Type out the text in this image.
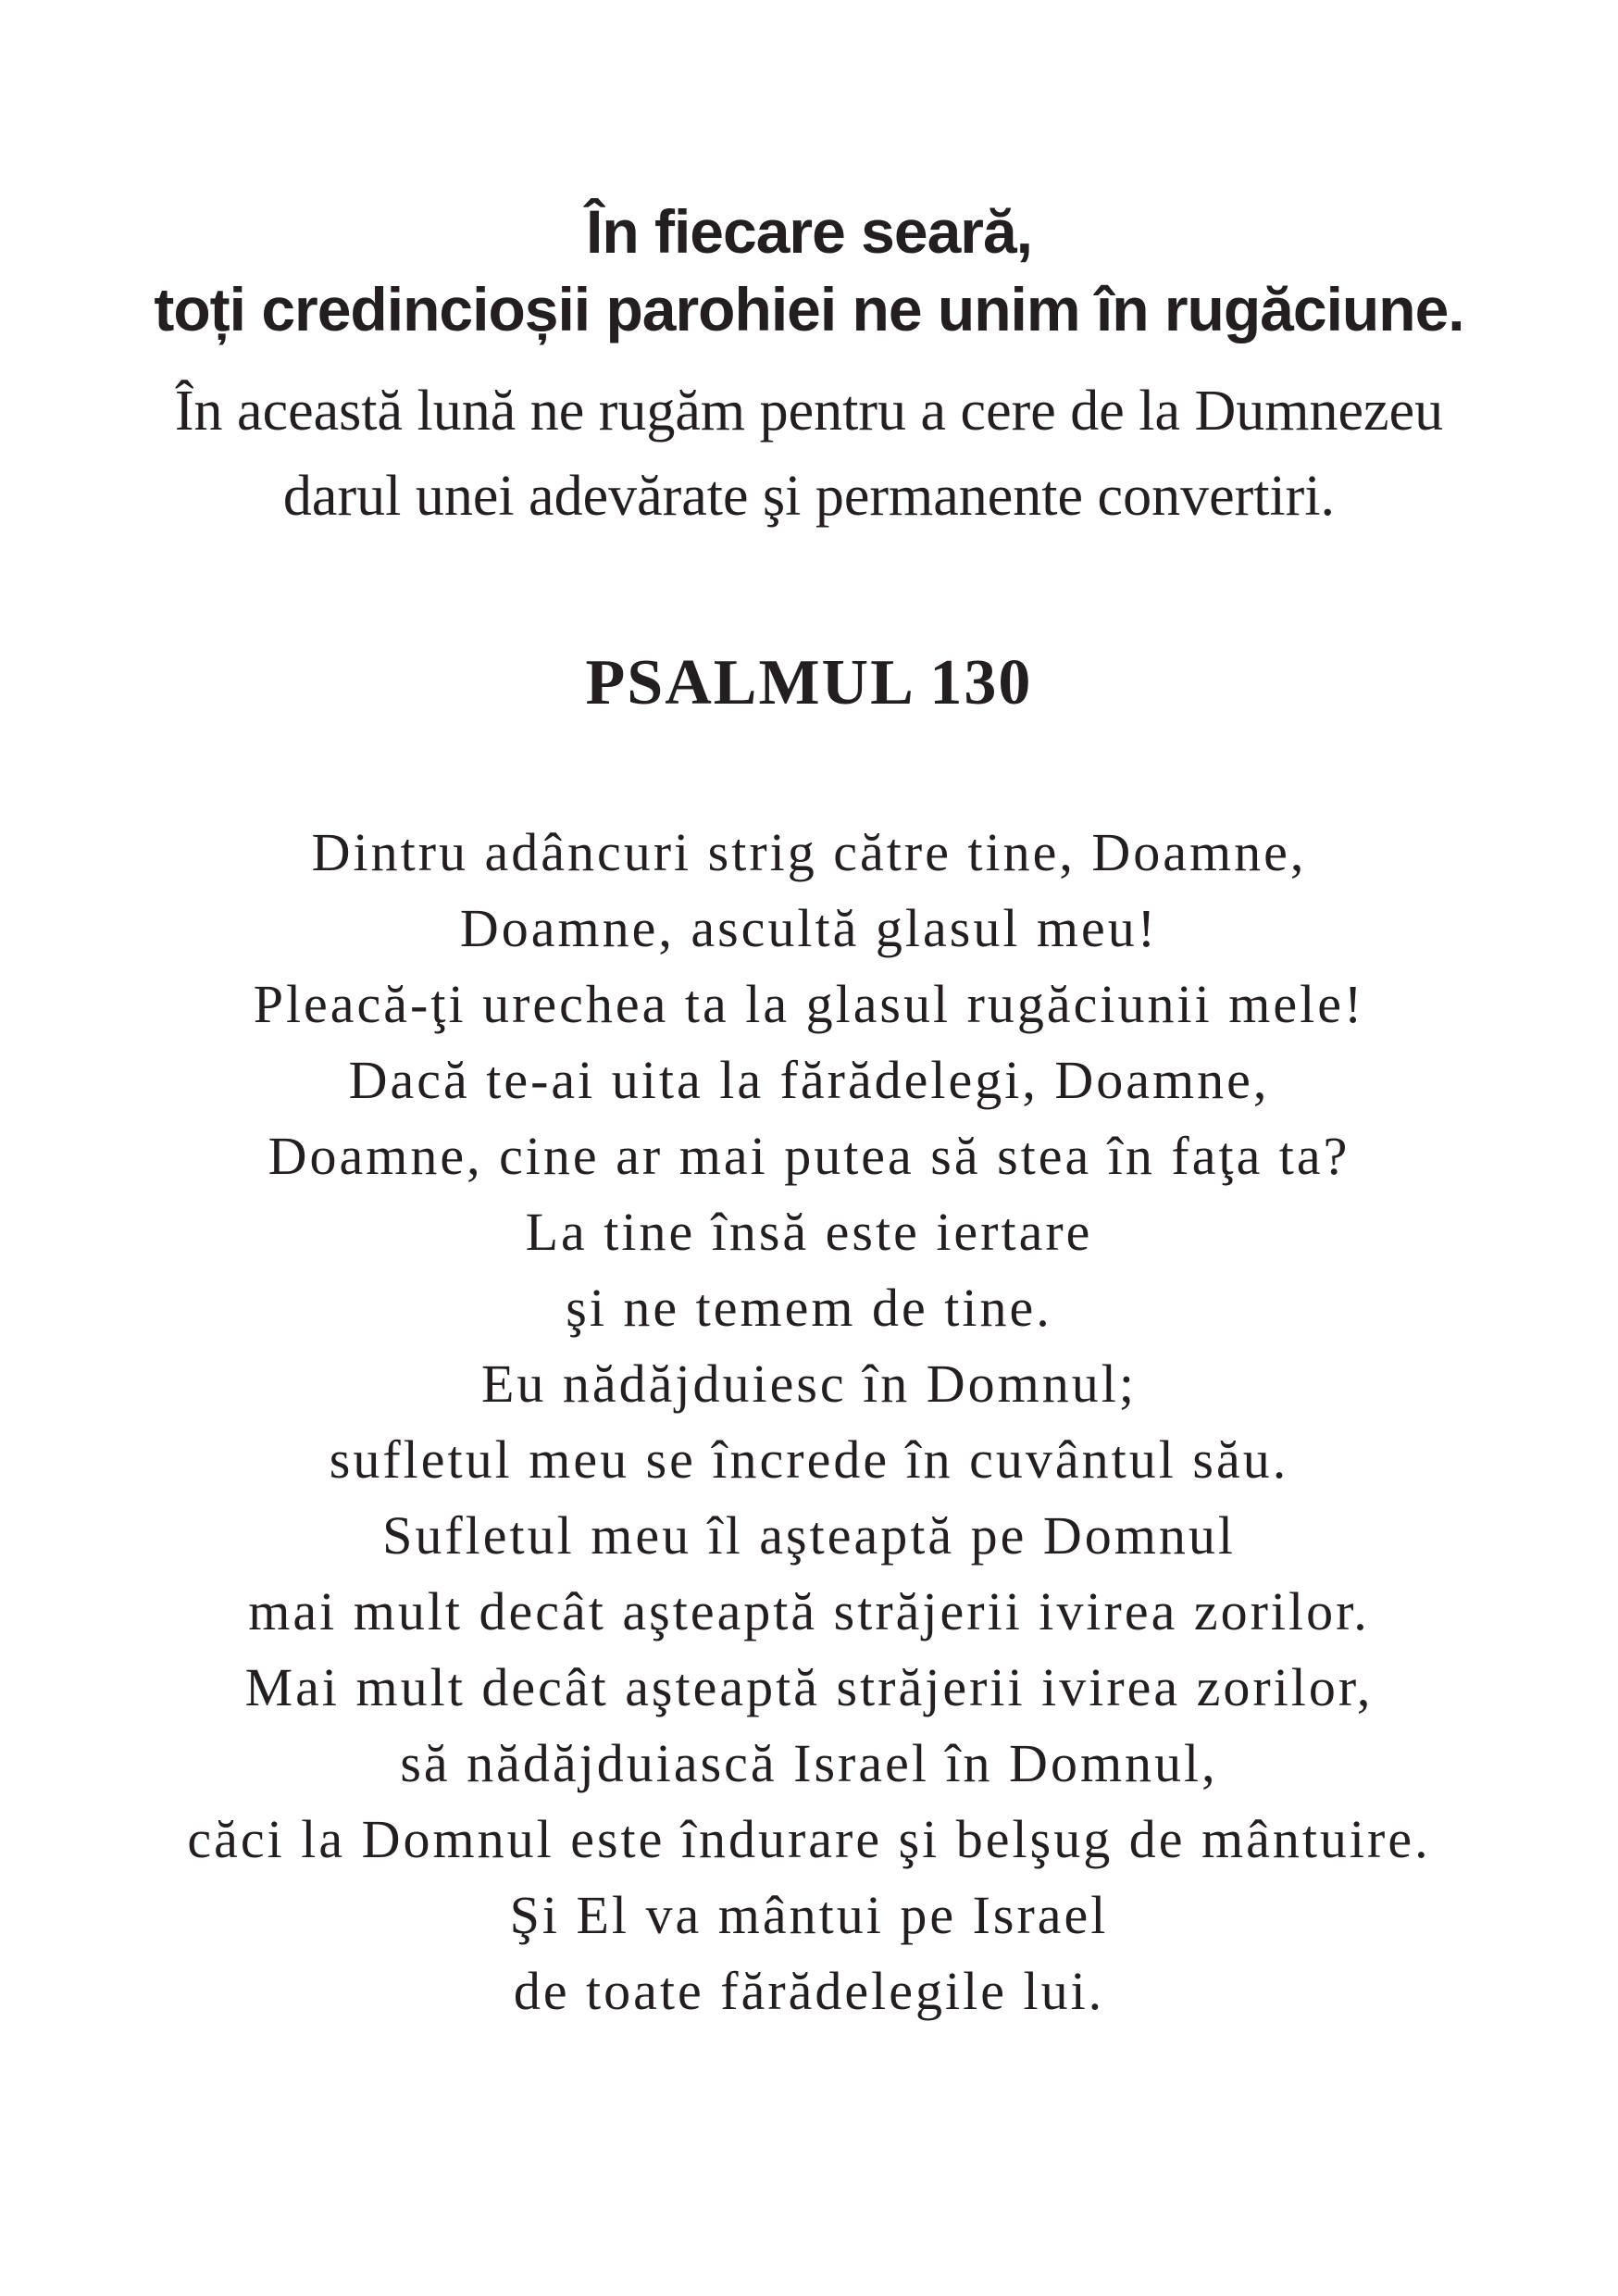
În fiecare seară,
toți credincioșii parohiei ne unim în rugăciune.
În această lună ne rugăm pentru a cere de la Dumnezeu
darul unei adevărate şi permanente convertiri.
PSALMUL 130
Dintru adâncuri strig către tine, Doamne,
Doamne, ascultă glasul meu!
Pleacă-ţi urechea ta la glasul rugăciunii mele!
Dacă te-ai uita la fărădelegi, Doamne,
Doamne, cine ar mai putea să stea în faţa ta?
La tine însă este iertare
şi ne temem de tine.
Eu nădăjduiesc în Domnul;
sufletul meu se încrede în cuvântul său.
Sufletul meu îl aşteaptă pe Domnul
mai mult decât aşteaptă străjerii ivirea zorilor.
Mai mult decât aşteaptă străjerii ivirea zorilor,
să nădăjduiască Israel în Domnul,
căci la Domnul este îndurare şi belşug de mântuire.
Şi El va mântui pe Israel
de toate fărădelegile lui.
